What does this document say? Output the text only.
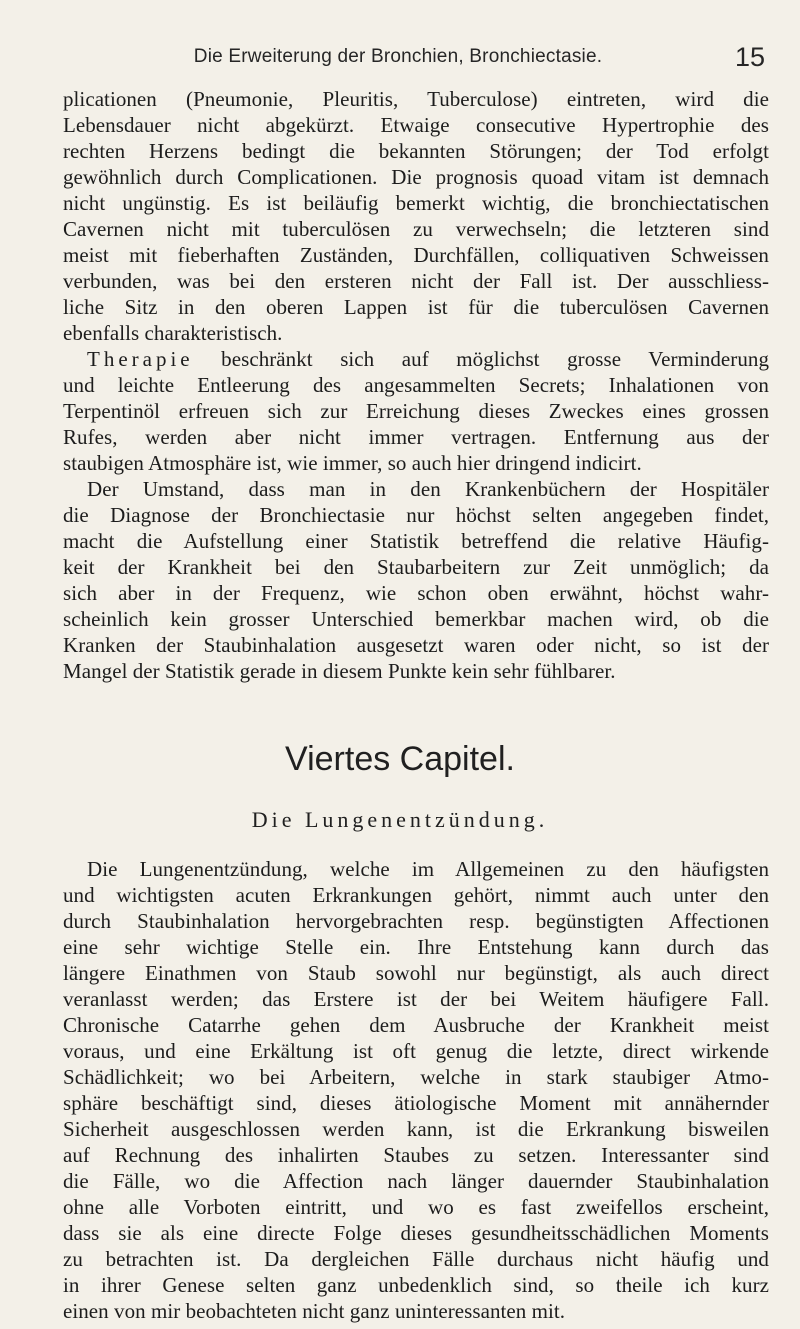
Die Erweiterung der Bronchien, Bronchiectasie.	15
plicationen (Pneumonie, Pleuritis, Tuberculose) eintreten, wird die
Lebensdauer nicht abgekürzt. Etwaige consecutive Hypertrophie des
rechten Herzens bedingt die bekannten Störungen; der Tod erfolgt
gewöhnlich durch Complicationen. Die prognosis quoad vitam ist demnach
nicht ungünstig. Es ist beiläufig bemerkt wichtig, die bronchiectatischen
Cavernen nicht mit tuberculösen zu verwechseln; die letzteren sind
meist mit fieberhaften Zuständen, Durchfällen, colliquativen Schweissen
verbunden, was bei den ersteren nicht der Fall ist. Der ausschliess-
liche Sitz in den oberen Lappen ist für die tuberculösen Cavernen
ebenfalls charakteristisch.
Therapie beschränkt sich auf möglichst grosse Verminderung
und leichte Entleerung des angesammelten Secrets; Inhalationen von
Terpentinöl erfreuen sich zur Erreichung dieses Zweckes eines grossen
Rufes, werden aber nicht immer vertragen. Entfernung aus der
staubigen Atmosphäre ist, wie immer, so auch hier dringend indicirt.
Der Umstand, dass man in den Krankenbüchern der Hospitäler
die Diagnose der Bronchiectasie nur höchst selten angegeben findet,
macht die Aufstellung einer Statistik betreffend die relative Häufig-
keit der Krankheit bei den Staubarbeitern zur Zeit unmöglich; da
sich aber in der Frequenz, wie schon oben erwähnt, höchst wahr-
scheinlich kein grosser Unterschied bemerkbar machen wird, ob die
Kranken der Staubinhalation ausgesetzt waren oder nicht, so ist der
Mangel der Statistik gerade in diesem Punkte kein sehr fühlbarer.
Viertes Capitel.
Die Lungenentzündung.
Die Lungenentzündung, welche im Allgemeinen zu den häufigsten
und wichtigsten acuten Erkrankungen gehört, nimmt auch unter den
durch Staubinhalation hervorgebrachten resp. begünstigten Affectionen
eine sehr wichtige Stelle ein. Ihre Entstehung kann durch das
längere Einathmen von Staub sowohl nur begünstigt, als auch direct
veranlasst werden; das Erstere ist der bei Weitem häufigere Fall.
Chronische Catarrhe gehen dem Ausbruche der Krankheit meist
voraus, und eine Erkältung ist oft genug die letzte, direct wirkende
Schädlichkeit; wo bei Arbeitern, welche in stark staubiger Atmo-
sphäre beschäftigt sind, dieses ätiologische Moment mit annähernder
Sicherheit ausgeschlossen werden kann, ist die Erkrankung bisweilen
auf Rechnung des inhalirten Staubes zu setzen. Interessanter sind
die Fälle, wo die Affection nach länger dauernder Staubinhalation
ohne alle Vorboten eintritt, und wo es fast zweifellos erscheint,
dass sie als eine directe Folge dieses gesundheitsschädlichen Moments
zu betrachten ist. Da dergleichen Fälle durchaus nicht häufig und
in ihrer Genese selten ganz unbedenklich sind, so theile ich kurz
einen von mir beobachteten nicht ganz uninteressanten mit.
